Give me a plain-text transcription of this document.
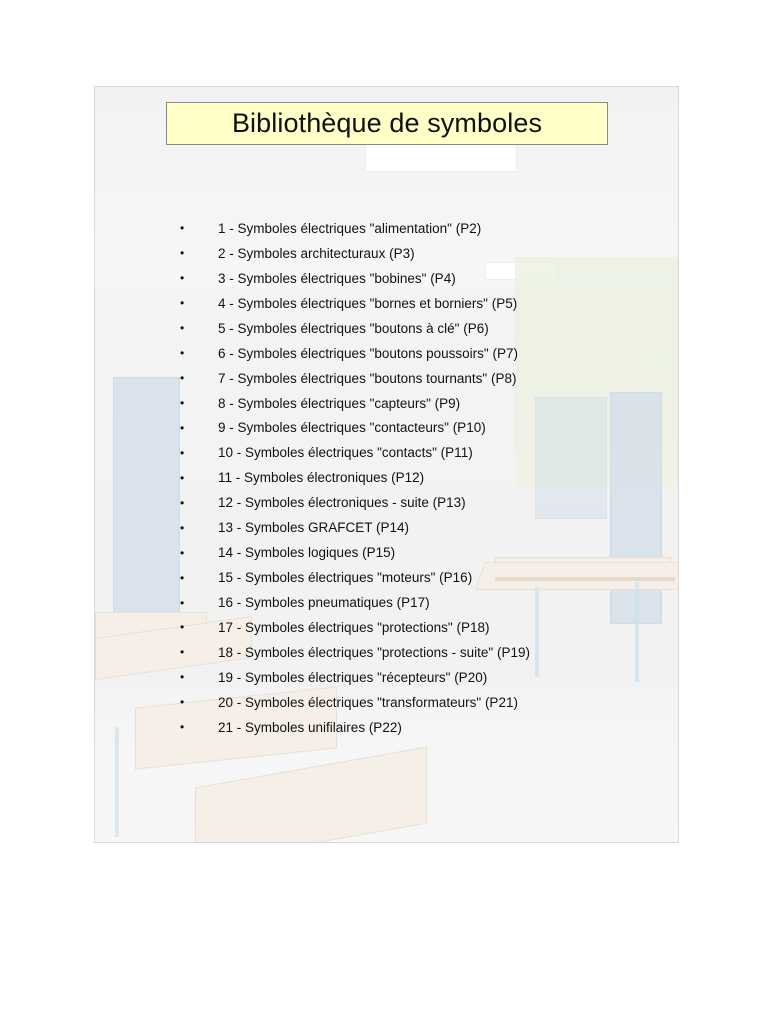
Bibliothèque de symboles
•	1 - Symboles électriques "alimentation" (P2)
•	2 - Symboles architecturaux (P3)
•	3 - Symboles électriques "bobines" (P4)
•	4 - Symboles électriques "bornes et borniers" (P5)
•	5 - Symboles électriques "boutons à clé" (P6)
•	6 - Symboles électriques "boutons poussoirs" (P7)
•	7 - Symboles électriques "boutons tournants" (P8)
•	8 - Symboles électriques "capteurs" (P9)
•	9 - Symboles électriques "contacteurs" (P10)
•	10 - Symboles électriques "contacts" (P11)
•	11 - Symboles électroniques (P12)
•	12 - Symboles électroniques - suite (P13)
•	13 - Symboles GRAFCET (P14)
•	14 - Symboles logiques (P15)
•	15 - Symboles électriques "moteurs" (P16)
•	16 - Symboles pneumatiques (P17)
•	17 - Symboles électriques "protections" (P18)
•	18 - Symboles électriques "protections - suite" (P19)
•	19 - Symboles électriques "récepteurs" (P20)
•	20 - Symboles électriques "transformateurs" (P21)
•	21 - Symboles unifilaires (P22)
